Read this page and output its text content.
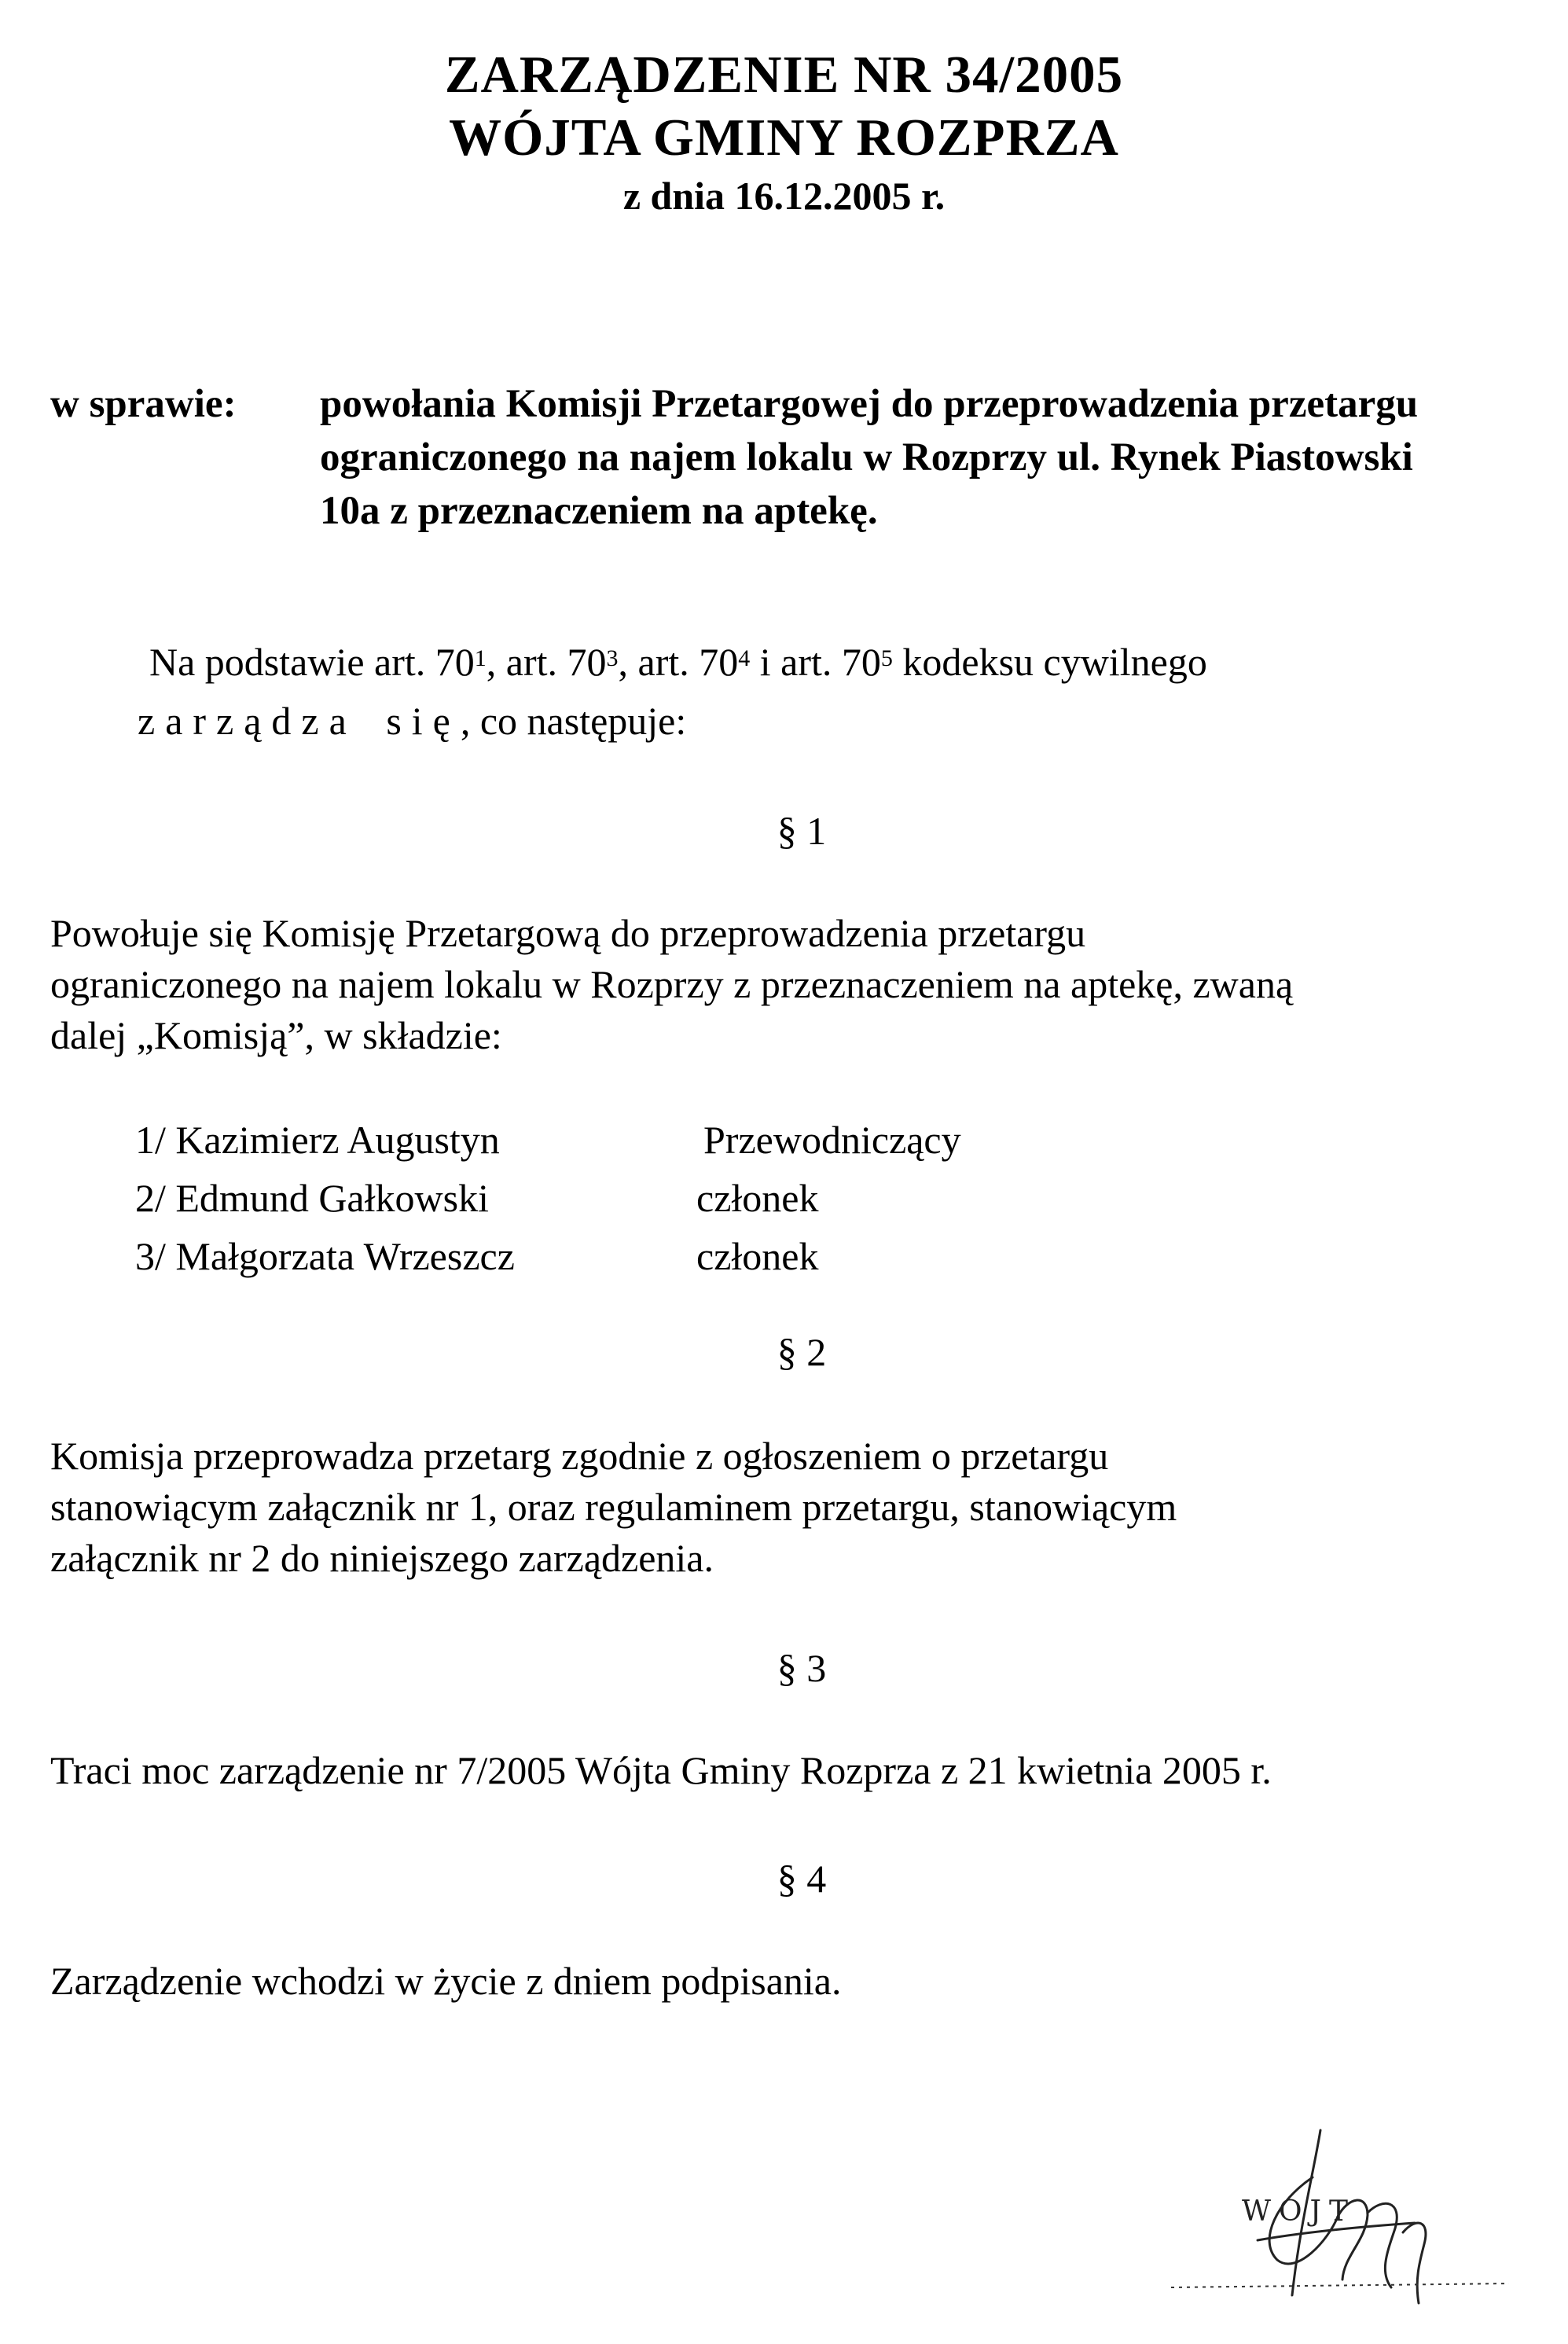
ZARZĄDZENIE NR 34/2005
WÓJTA GMINY ROZPRZA
z dnia 16.12.2005 r.
w sprawie: powołania Komisji Przetargowej do przeprowadzenia przetargu
ograniczonego na najem lokalu w Rozprzy ul. Rynek Piastowski
10a z przeznaczeniem na aptekę.
Na podstawie art. $70^1$, art. $70^3$, art. $70^4$ i art. $70^5$ kodeksu cywilnego
zarządza się, co następuje:
§ 1
Powołuje się Komisję Przetargową do przeprowadzenia przetargu
ograniczonego na najem lokalu w Rozprzy z przeznaczeniem na aptekę, zwaną
dalej „Komisją”, w składzie:
1/ Kazimierz Augustyn	Przewodniczący
2/ Edmund Gałkowski	członek
3/ Małgorzata Wrzeszcz	członek
§ 2
Komisja przeprowadza przetarg zgodnie z ogłoszeniem o przetargu
stanowiącym załącznik nr 1, oraz regulaminem przetargu, stanowiącym
załącznik nr 2 do niniejszego zarządzenia.
§ 3
Traci moc zarządzenie nr 7/2005 Wójta Gminy Rozprza z 21 kwietnia 2005 r.
§ 4
Zarządzenie wchodzi w życie z dniem podpisania.
WÓJT
